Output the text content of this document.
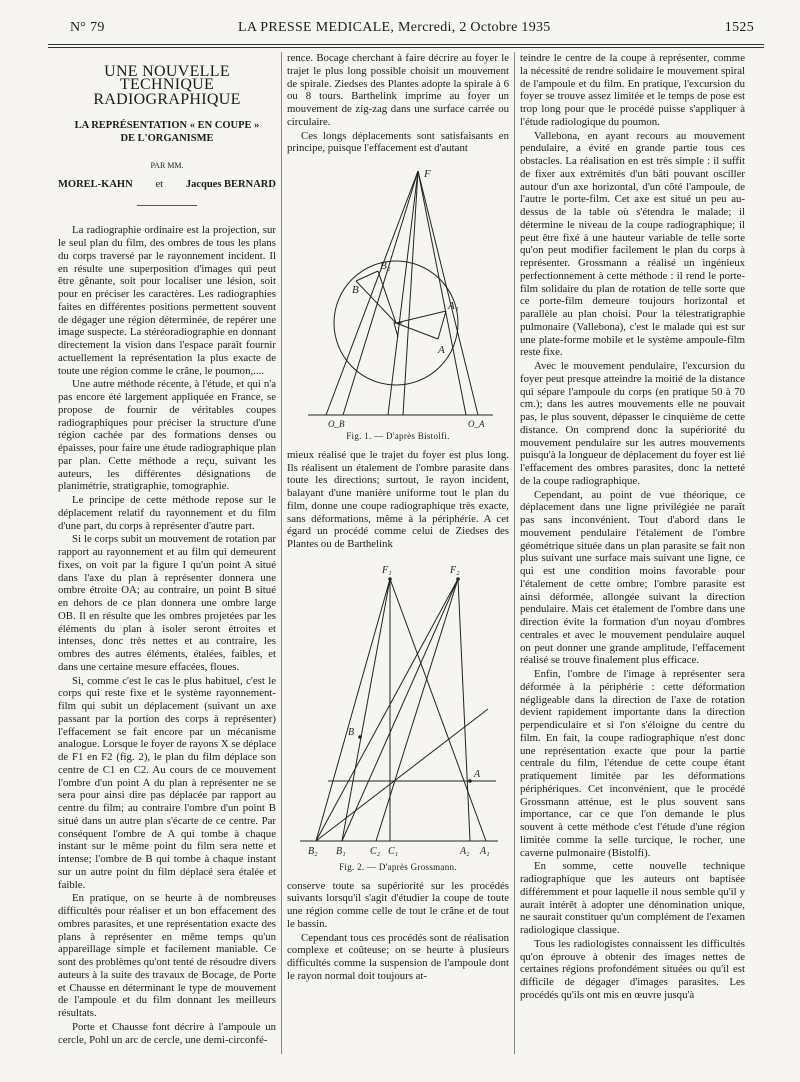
N° 79	LA PRESSE MEDICALE, Mercredi, 2 Octobre 1935	1525
UNE NOUVELLE TECHNIQUE
RADIOGRAPHIQUE
LA REPRÉSENTATION « EN COUPE »
DE L'ORGANISME
PAR MM.
MOREL-KAHN et Jacques BERNARD

La radiographie ordinaire est la projection, sur le seul plan du film, des ombres de tous les plans du corps traversé par le rayonnement incident. Il en résulte une superposition d'images qui peut être gênante, soit pour localiser une lésion, soit pour en préciser les caractères. Les radiographies faites en différentes positions permettent souvent de dégager une région déterminée, de repérer une image suspecte. La stéréoradiographie en donnant directement la vision dans l'espace paraît fournir actuellement la représentation la plus exacte de toute une région comme le crâne, le poumon,....

Une autre méthode récente, à l'étude, et qui n'a pas encore été largement appliquée en France, se propose de fournir de véritables coupes radiographiques pour préciser la structure d'une région cachée par des formations denses ou épaisses, pour faire une étude radiographique plan par plan. Cette méthode a reçu, suivant les auteurs, les différentes désignations de planimétrie, stratigraphie, tomographie.

Le principe de cette méthode repose sur le déplacement relatif du rayonnement et du film d'une part, du corps à représenter d'autre part.

Si le corps subit un mouvement de rotation par rapport au rayonnement et au film qui demeurent fixes, on voit par la figure I qu'un point A situé dans l'axe du plan à représenter donnera une ombre étroite OA; au contraire, un point B situé en dehors de ce plan donnera une ombre large OB. Il en résulte que les ombres projetées par les éléments du plan à isoler seront étroites et intenses, donc très nettes et au contraire, les ombres des autres éléments, étalées, faibles, et dans une certaine mesure effacées, floues.

Si, comme c'est le cas le plus habituel, c'est le corps qui reste fixe et le système rayonnement-film qui subit un déplacement (suivant un axe passant par la portion des corps à représenter) l'effacement se fait encore par un mécanisme analogue. Lorsque le foyer de rayons X se déplace de F1 en F2 (fig. 2), le plan du film déplace son centre de C1 en C2. Au cours de ce mouvement l'ombre d'un point A du plan à représenter ne se sera pour ainsi dire pas déplacée par rapport au centre du film; au contraire l'ombre d'un point B situé dans un autre plan s'écarte de ce centre. Par conséquent l'ombre de A qui tombe à chaque instant sur le même point du film sera nette et intense; l'ombre de B qui tombe à chaque instant sur un autre point du film déplacé sera étalée et faible.

En pratique, on se heurte à de nombreuses difficultés pour réaliser et un bon effacement des ombres parasites, et une représentation exacte des plans à représenter en même temps qu'un appareillage simple et facilement maniable. Ce sont des problèmes qu'ont tenté de résoudre divers auteurs à la suite des travaux de Bocage, de Porte et Chausse en déterminant le type de mouvement de l'ampoule et du film donnant les meilleurs résultats.

Porte et Chausse font décrire à l'ampoule un cercle, Pohl un arc de cercle, une demi-circonfé-

rence. Bocage cherchant à faire décrire au foyer le trajet le plus long possible choisit un mouvement de spirale. Ziedses des Plantes adopte la spirale à 6 ou 8 tours. Barthelink imprime au foyer un mouvement de zig-zag dans une surface carrée ou circulaire.

Ces longs déplacements sont satisfaisants en principe, puisque l'effacement est d'autant

F
B
B₂
A₁
A
O_B	O_A
Fig. 1. — D'après Bistolfi.

mieux réalisé que le trajet du foyer est plus long. Ils réalisent un étalement de l'ombre parasite dans toute les directions; surtout, le rayon incident, balayant d'une manière uniforme tout le plan du film, donne une coupe radiographique très exacte, sans déformations, même à la périphérie. A cet égard un procédé comme celui de Ziedses des Plantes ou de Barthelink

F₁	F₂
B
A
B₂ B₁ C₂ C₁	A₂ A₁
Fig. 2. — D'après Grossmann.

conserve toute sa supériorité sur les procédés suivants lorsqu'il s'agit d'étudier la coupe de toute une région comme celle de tout le crâne et de tout le bassin.

Cependant tous ces procédés sont de réalisation complexe et coûteuse; on se heurte à plusieurs difficultés comme la suspension de l'ampoule dont le rayon normal doit toujours at-

teindre le centre de la coupe à représenter, comme la nécessité de rendre solidaire le mouvement spiral de l'ampoule et du film. En pratique, l'excursion du foyer se trouve assez limitée et le temps de pose est trop long pour que le procédé puisse s'appliquer à l'étude radiologique du poumon.

Vallebona, en ayant recours au mouvement pendulaire, a évité en grande partie tous ces obstacles. La réalisation en est très simple : il suffit de fixer aux extrémités d'un bâti pouvant osciller autour d'un axe horizontal, d'un côté l'ampoule, de l'autre le porte-film. Cet axe est situé un peu au-dessus de la table où s'étendra le malade; il détermine le niveau de la coupe radiographique; il peut être fixé à une hauteur variable de telle sorte qu'on peut modifier facilement le plan du corps à représenter. Grossmann a réalisé un ingénieux perfectionnement à cette méthode : il rend le porte-film solidaire du plan de rotation de telle sorte que ce porte-film demeure toujours horizontal et parallèle au plan choisi. Pour la télestratigraphie pulmonaire (Vallebona), c'est le malade qui est sur une plate-forme mobile et le système ampoule-film reste fixe.

Avec le mouvement pendulaire, l'excursion du foyer peut presque atteindre la moitié de la distance qui sépare l'ampoule du corps (en pratique 50 à 70 cm.); dans les autres mouvements elle ne pouvait pas, le plus souvent, dépasser le cinquième de cette distance. On comprend donc la supériorité du mouvement pendulaire sur les autres mouvements puisqu'à la longueur de déplacement du foyer est lié l'effacement des ombres parasites, donc la netteté de la coupe radiographique.

Cependant, au point de vue théorique, ce déplacement dans une ligne privilégiée ne paraît pas sans inconvénient. Tout d'abord dans le mouvement pendulaire l'étalement de l'ombre géométrique située dans un plan parasite se fait non plus suivant une surface mais suivant une ligne, ce qui est une condition moins favorable pour l'étalement de cette ombre; l'ombre parasite est ainsi déformée, allongée suivant la direction pendulaire. Mais cet étalement de l'ombre dans une direction évite la formation d'un noyau d'ombres centrales et avec le mouvement pendulaire auquel on peut donner une grande amplitude, l'effacement réalisé se trouve finalement plus efficace.

Enfin, l'ombre de l'image à représenter sera déformée à la périphérie : cette déformation négligeable dans la direction de l'axe de rotation devient rapidement importante dans la direction perpendiculaire et si l'on s'éloigne du centre du film. En fait, la coupe radiographique n'est donc une représentation exacte que pour la partie centrale du film, l'étendue de cette coupe étant pratiquement limitée par les déformations périphériques. Cet inconvénient, que le procédé Grossmann atténue, est le plus souvent sans importance, car ce que l'on demande le plus souvent à cette méthode c'est l'étude d'une région limitée comme la selle turcique, le rocher, une caverne pulmonaire (Bistolfi).

En somme, cette nouvelle technique radiographique que les auteurs ont baptisée différemment et pour laquelle il nous semble qu'il y aurait intérêt à adopter une dénomination unique, ne saurait constituer qu'un complément de l'examen radiologique classique.

Tous les radiologistes connaissent les difficultés qu'on éprouve à obtenir des images nettes de certaines régions profondément situées ou qu'il est difficile de dégager d'images parasites. Les procédés qu'ils ont mis en œuvre jusqu'à
